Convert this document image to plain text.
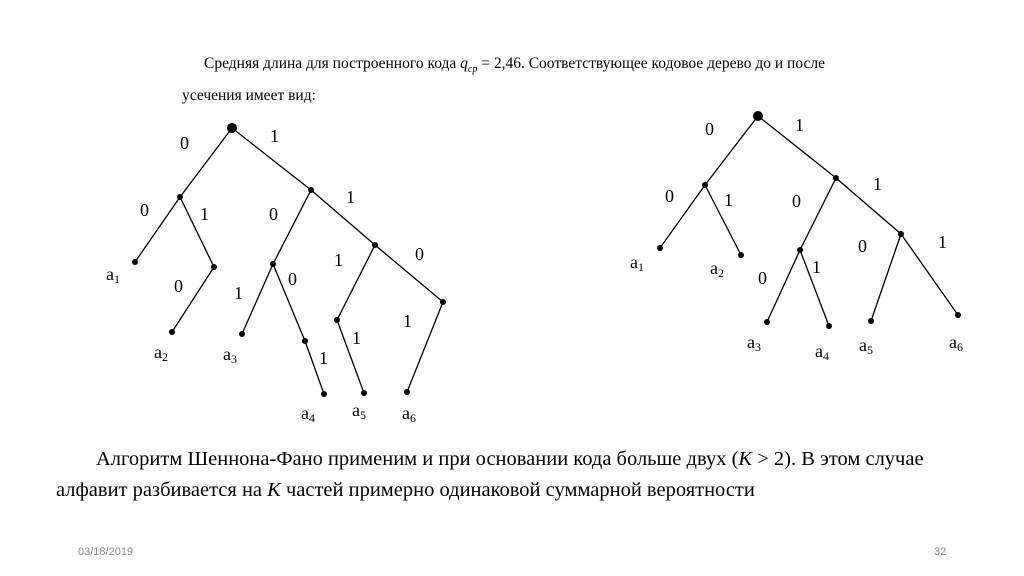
Средняя длина для построенного кода $q_{ср} = 2,46$. Соответствующее кодовое дерево до и после
усечения имеет вид:

0	1
0	1	0
1
0	1
0
1	0
1
1
1
a1
a2	a3
a4 a5 a6
0	1
0	1	0
1
0
1
0	1
a1	a2
a3	a4
a5	a6

Алгоритм Шеннона-Фано применим и при основании кода больше двух (K > 2). В этом случае алфавит разбивается на K частей примерно одинаковой суммарной вероятности

03/18/2019	32
